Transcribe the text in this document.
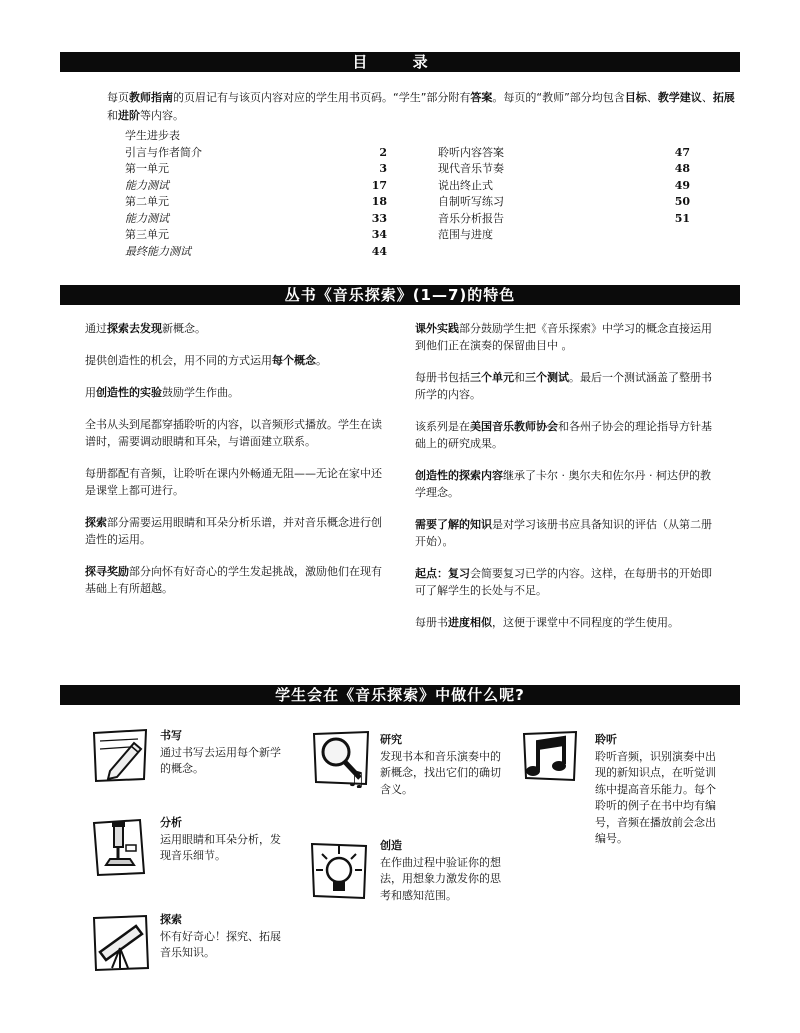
目 录
每页教师指南的页眉记有与该页内容对应的学生用书页码。“学生”部分附有答案。每页的“教师”部分均包含目标、教学建议、拓展和进阶等内容。
学生进步表
引言与作者简介	2
第一单元	3
能力测试	17
第二单元	18
能力测试	33
第三单元	34
最终能力测试	44
聆听内容答案	47
现代音乐节奏	48
说出终止式	49
自制听写练习	50
音乐分析报告	51
范围与进度
丛书《音乐探索》(1—7)的特色

通过探索去发现新概念。

提供创造性的机会，用不同的方式运用每个概念。

用创造性的实验鼓励学生作曲。

全书从头到尾都穿插聆听的内容，以音频形式播放。学生在读谱时，需要调动眼睛和耳朵，与谱面建立联系。

每册都配有音频，让聆听在课内外畅通无阻——无论在家中还是课堂上都可进行。

探索部分需要运用眼睛和耳朵分析乐谱，并对音乐概念进行创造性的运用。

探寻奖励部分向怀有好奇心的学生发起挑战，激励他们在现有基础上有所超越。

课外实践部分鼓励学生把《音乐探索》中学习的概念直接运用到他们正在演奏的保留曲目中 。

每册书包括三个单元和三个测试。最后一个测试涵盖了整册书所学的内容。

该系列是在美国音乐教师协会和各州子协会的理论指导方针基础上的研究成果。

创造性的探索内容继承了卡尔 · 奥尔夫和佐尔丹 · 柯达伊的教学理念。

需要了解的知识是对学习该册书应具备知识的评估（从第二册开始）。

起点：复习会简要复习已学的内容。这样，在每册书的开始即可了解学生的长处与不足。

每册书进度相似，这便于课堂中不同程度的学生使用。

学生会在《音乐探索》中做什么呢?
书写
通过书写去运用每个新学的概念。	♫
研究
发现书本和音乐演奏中的新概念，找出它们的确切含义。
聆听
聆听音频，识别演奏中出现的新知识点，在听觉训练中提高音乐能力。每个聆听的例子在书中均有编号，音频在播放前会念出编号。
分析
运用眼睛和耳朵分析，发现音乐细节。
创造
在作曲过程中验证你的想法，用想象力激发你的思考和感知范围。
探索
怀有好奇心！探究、拓展音乐知识。
